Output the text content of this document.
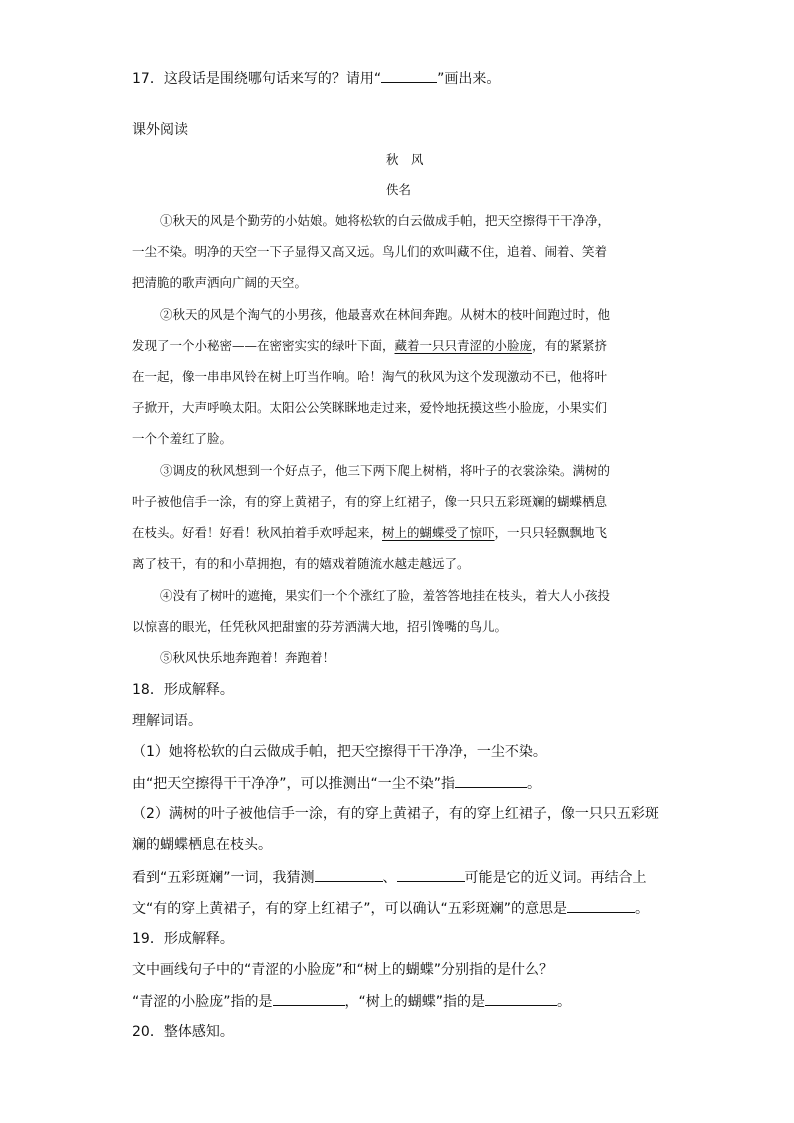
17．这段话是围绕哪句话来写的？请用“	”画出来。
课外阅读
秋　风
佚名
①秋天的风是个勤劳的小姑娘。她将松软的白云做成手帕，把天空擦得干干净净，
一尘不染。明净的天空一下子显得又高又远。鸟儿们的欢叫藏不住，追着、闹着、笑着
把清脆的歌声洒向广阔的天空。
②秋天的风是个淘气的小男孩，他最喜欢在林间奔跑。从树木的枝叶间跑过时，他
发现了一个小秘密——在密密实实的绿叶下面，藏着一只只青涩的小脸庞，有的紧紧挤
在一起，像一串串风铃在树上叮当作响。哈！淘气的秋风为这个发现激动不已，他将叶
子掀开，大声呼唤太阳。太阳公公笑眯眯地走过来，爱怜地抚摸这些小脸庞，小果实们
一个个羞红了脸。
③调皮的秋风想到一个好点子，他三下两下爬上树梢，将叶子的衣裳涂染。满树的
叶子被他信手一涂，有的穿上黄裙子，有的穿上红裙子，像一只只五彩斑斓的蝴蝶栖息
在枝头。好看！好看！秋风拍着手欢呼起来，树上的蝴蝶受了惊吓，一只只轻飘飘地飞
离了枝干，有的和小草拥抱，有的嬉戏着随流水越走越远了。
④没有了树叶的遮掩，果实们一个个涨红了脸，羞答答地挂在枝头，着大人小孩投
以惊喜的眼光，任凭秋风把甜蜜的芬芳洒满大地，招引馋嘴的鸟儿。
⑤秋风快乐地奔跑着！奔跑着！
18．形成解释。
理解词语。
（1）她将松软的白云做成手帕，把天空擦得干干净净，一尘不染。
由“把天空擦得干干净净”，可以推测出“一尘不染”指	。
（2）满树的叶子被他信手一涂，有的穿上黄裙子，有的穿上红裙子，像一只只五彩斑
斓的蝴蝶栖息在枝头。
看到“五彩斑斓”一词，我猜测	、	可能是它的近义词。再结合上
文“有的穿上黄裙子，有的穿上红裙子”，可以确认“五彩斑斓”的意思是	。
19．形成解释。
文中画线句子中的“青涩的小脸庞”和“树上的蝴蝶”分别指的是什么？
“青涩的小脸庞”指的是	，“树上的蝴蝶”指的是	。
20．整体感知。
